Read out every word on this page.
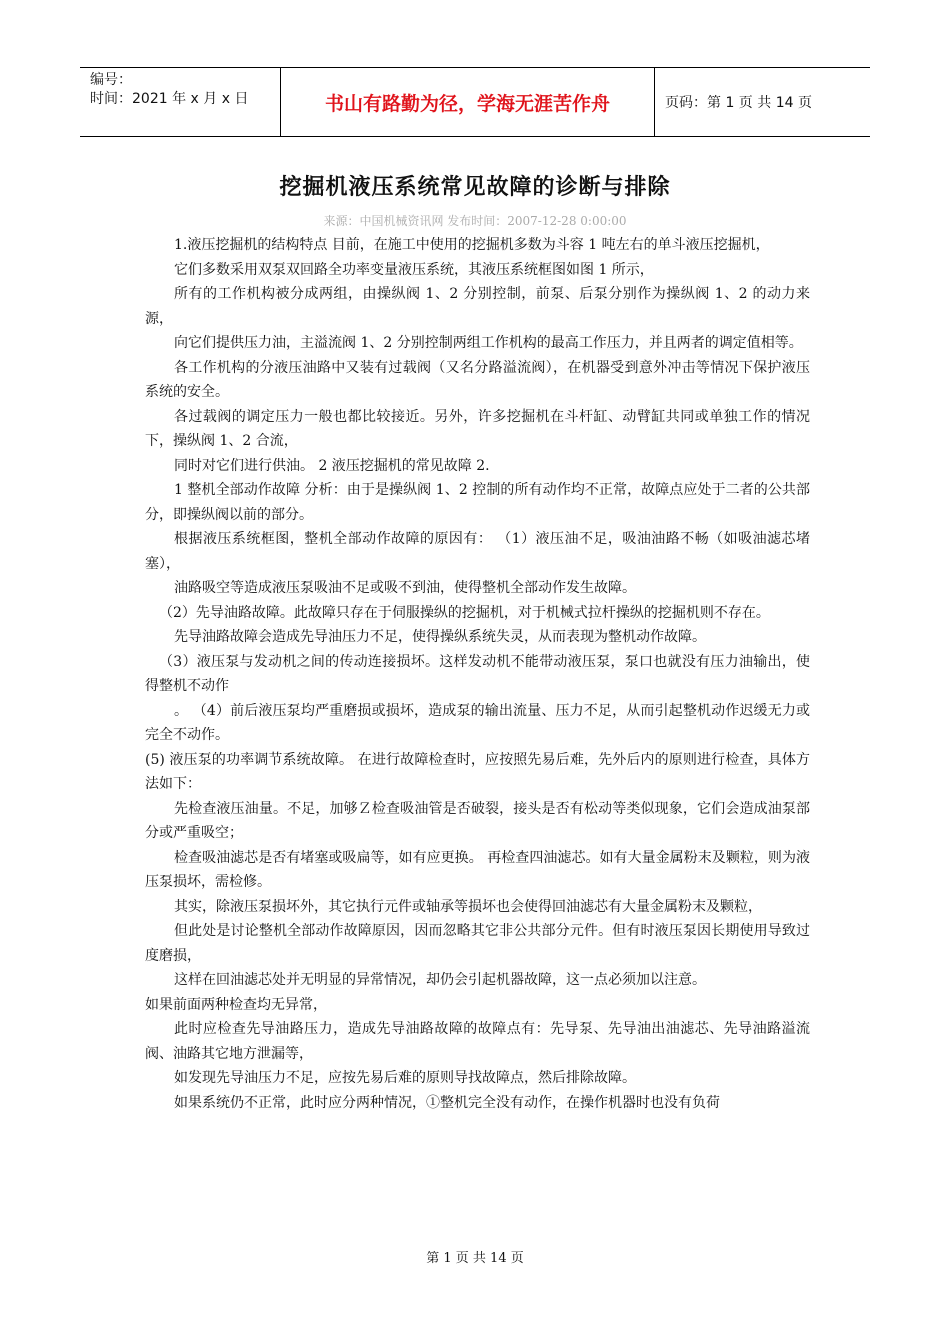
编号：
时间：2021 年 x 月 x 日	书山有路勤为径，学海无涯苦作舟	页码：第 1 页 共 14 页
挖掘机液压系统常见故障的诊断与排除
来源：中国机械资讯网 发布时间：2007-12-28 0:00:00

1.液压挖掘机的结构特点 目前，在施工中使用的挖掘机多数为斗容 1 吨左右的单斗液压挖掘机，

它们多数采用双泵双回路全功率变量液压系统，其液压系统框图如图 1 所示，

所有的工作机构被分成两组，由操纵阀 1、2 分别控制，前泵、后泵分别作为操纵阀 1、2 的动力来源，

向它们提供压力油，主溢流阀 1、2 分别控制两组工作机构的最高工作压力，并且两者的调定值相等。

各工作机构的分液压油路中又装有过载阀（又名分路溢流阀），在机器受到意外冲击等情况下保护液压系统的安全。

各过载阀的调定压力一般也都比较接近。另外，许多挖掘机在斗杆缸、动臂缸共同或单独工作的情况下，操纵阀 1、2 合流，

同时对它们进行供油。 2 液压挖掘机的常见故障 2.

1 整机全部动作故障 分析：由于是操纵阀 1、2 控制的所有动作均不正常，故障点应处于二者的公共部分，即操纵阀以前的部分。

根据液压系统框图，整机全部动作故障的原因有： （1）液压油不足，吸油油路不畅（如吸油滤芯堵塞），

油路吸空等造成液压泵吸油不足或吸不到油，使得整机全部动作发生故障。

（2）先导油路故障。此故障只存在于伺服操纵的挖掘机，对于机械式拉杆操纵的挖掘机则不存在。

先导油路故障会造成先导油压力不足，使得操纵系统失灵，从而表现为整机动作故障。

（3）液压泵与发动机之间的传动连接损坏。这样发动机不能带动液压泵，泵口也就没有压力油输出，使得整机不动作

。 （4）前后液压泵均严重磨损或损坏，造成泵的输出流量、压力不足，从而引起整机动作迟缓无力或完全不动作。

(5) 液压泵的功率调节系统故障。 在进行故障检查时，应按照先易后难，先外后内的原则进行检查，具体方法如下：

先检查液压油量。不足，加够Ｚ检查吸油管是否破裂，接头是否有松动等类似现象，它们会造成油泵部分或严重吸空；

检查吸油滤芯是否有堵塞或吸扁等，如有应更换。 再检查四油滤芯。如有大量金属粉末及颗粒，则为液压泵损坏，需检修。

其实，除液压泵损坏外，其它执行元件或轴承等损坏也会使得回油滤芯有大量金属粉末及颗粒，

但此处是讨论整机全部动作故障原因，因而忽略其它非公共部分元件。但有时液压泵因长期使用导致过度磨损，

这样在回油滤芯处并无明显的异常情况，却仍会引起机器故障，这一点必须加以注意。

如果前面两种检查均无异常，

此时应检查先导油路压力，造成先导油路故障的故障点有：先导泵、先导油出油滤芯、先导油路溢流阀、油路其它地方泄漏等，

如发现先导油压力不足，应按先易后难的原则导找故障点，然后排除故障。

如果系统仍不正常，此时应分两种情况，①整机完全没有动作，在操作机器时也没有负荷

第 1 页 共 14 页
